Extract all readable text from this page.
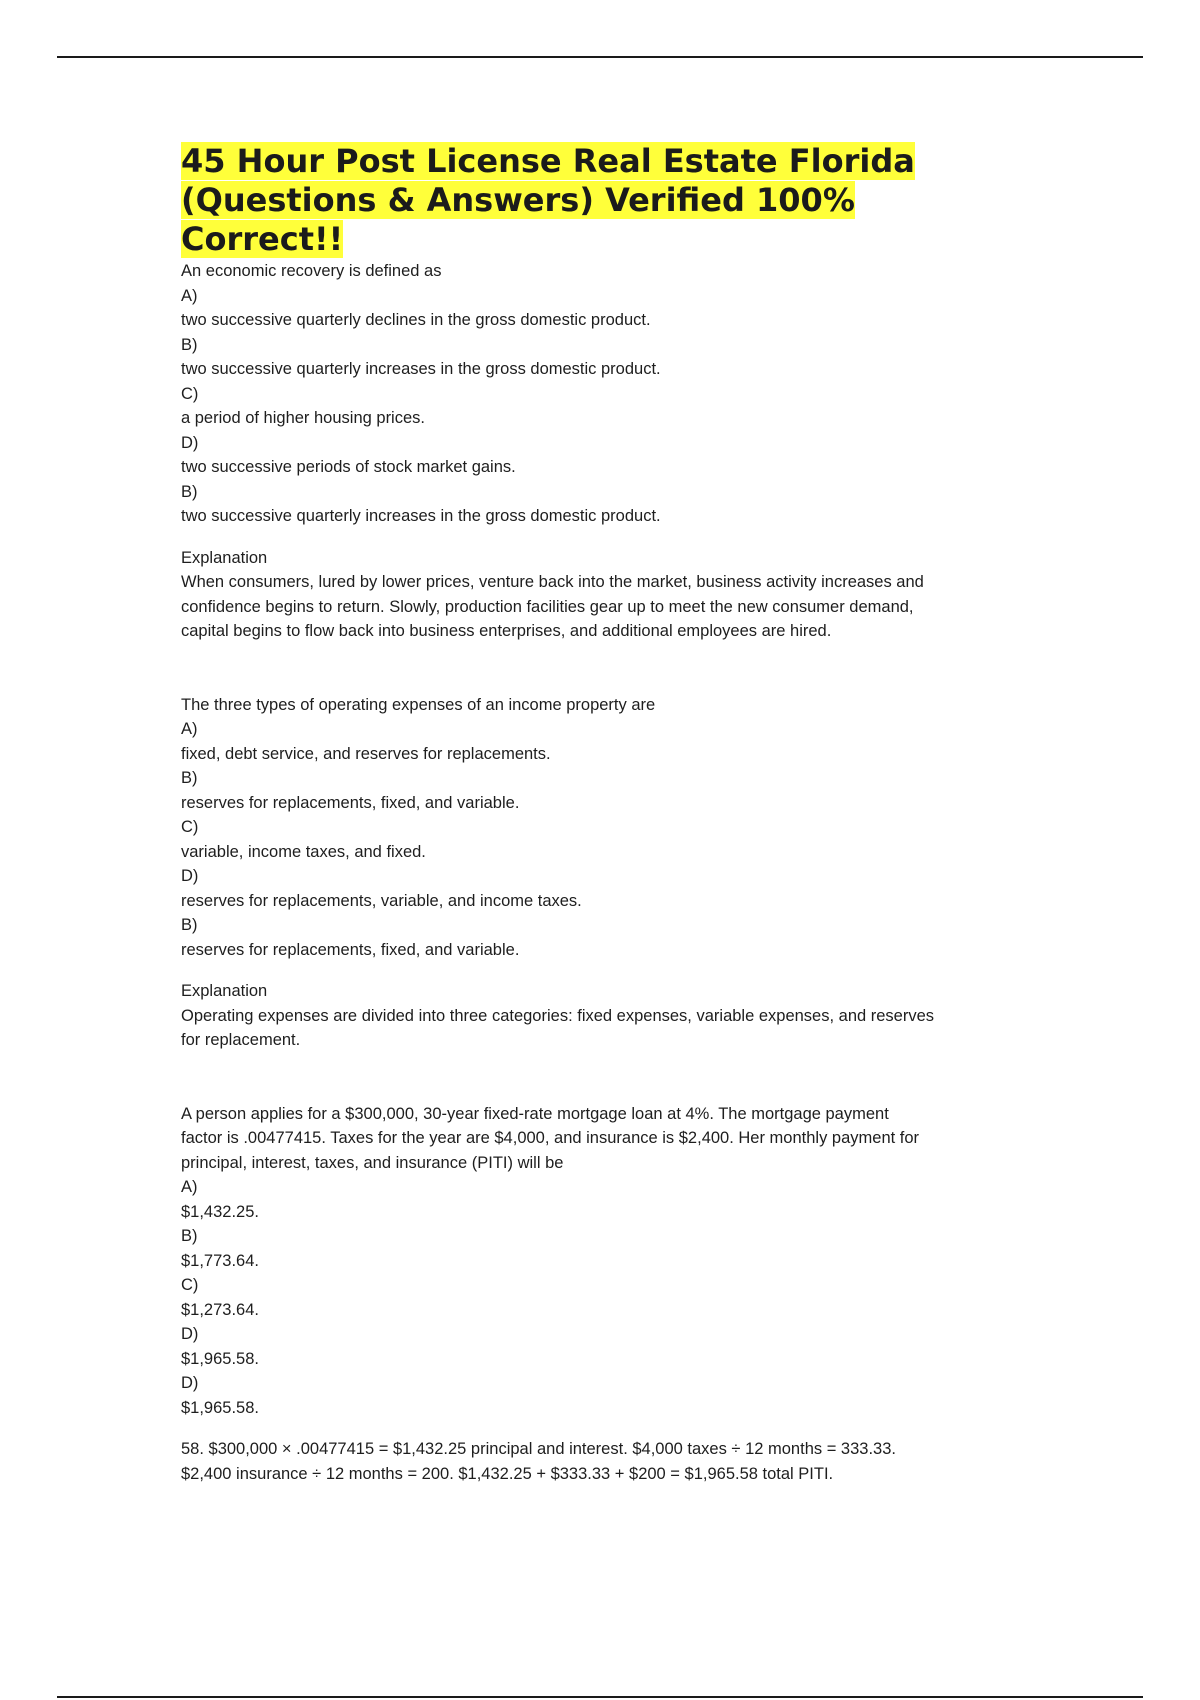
45 Hour Post License Real Estate Florida
(Questions & Answers) Verified 100%
Correct!!

An economic recovery is defined as

A)

two successive quarterly declines in the gross domestic product.

B)

two successive quarterly increases in the gross domestic product.

C)

a period of higher housing prices.

D)

two successive periods of stock market gains.

B)

two successive quarterly increases in the gross domestic product.

Explanation

When consumers, lured by lower prices, venture back into the market, business activity increases and

confidence begins to return. Slowly, production facilities gear up to meet the new consumer demand,

capital begins to flow back into business enterprises, and additional employees are hired.

The three types of operating expenses of an income property are

A)

fixed, debt service, and reserves for replacements.

B)

reserves for replacements, fixed, and variable.

C)

variable, income taxes, and fixed.

D)

reserves for replacements, variable, and income taxes.

B)

reserves for replacements, fixed, and variable.

Explanation

Operating expenses are divided into three categories: fixed expenses, variable expenses, and reserves

for replacement.

A person applies for a $300,000, 30-year fixed-rate mortgage loan at 4%. The mortgage payment

factor is .00477415. Taxes for the year are $4,000, and insurance is $2,400. Her monthly payment for

principal, interest, taxes, and insurance (PITI) will be

A)

$1,432.25.

B)

$1,773.64.

C)

$1,273.64.

D)

$1,965.58.

D)

$1,965.58.

58. $300,000 × .00477415 = $1,432.25 principal and interest. $4,000 taxes ÷ 12 months = 333.33.

$2,400 insurance ÷ 12 months = 200. $1,432.25 + $333.33 + $200 = $1,965.58 total PITI.
